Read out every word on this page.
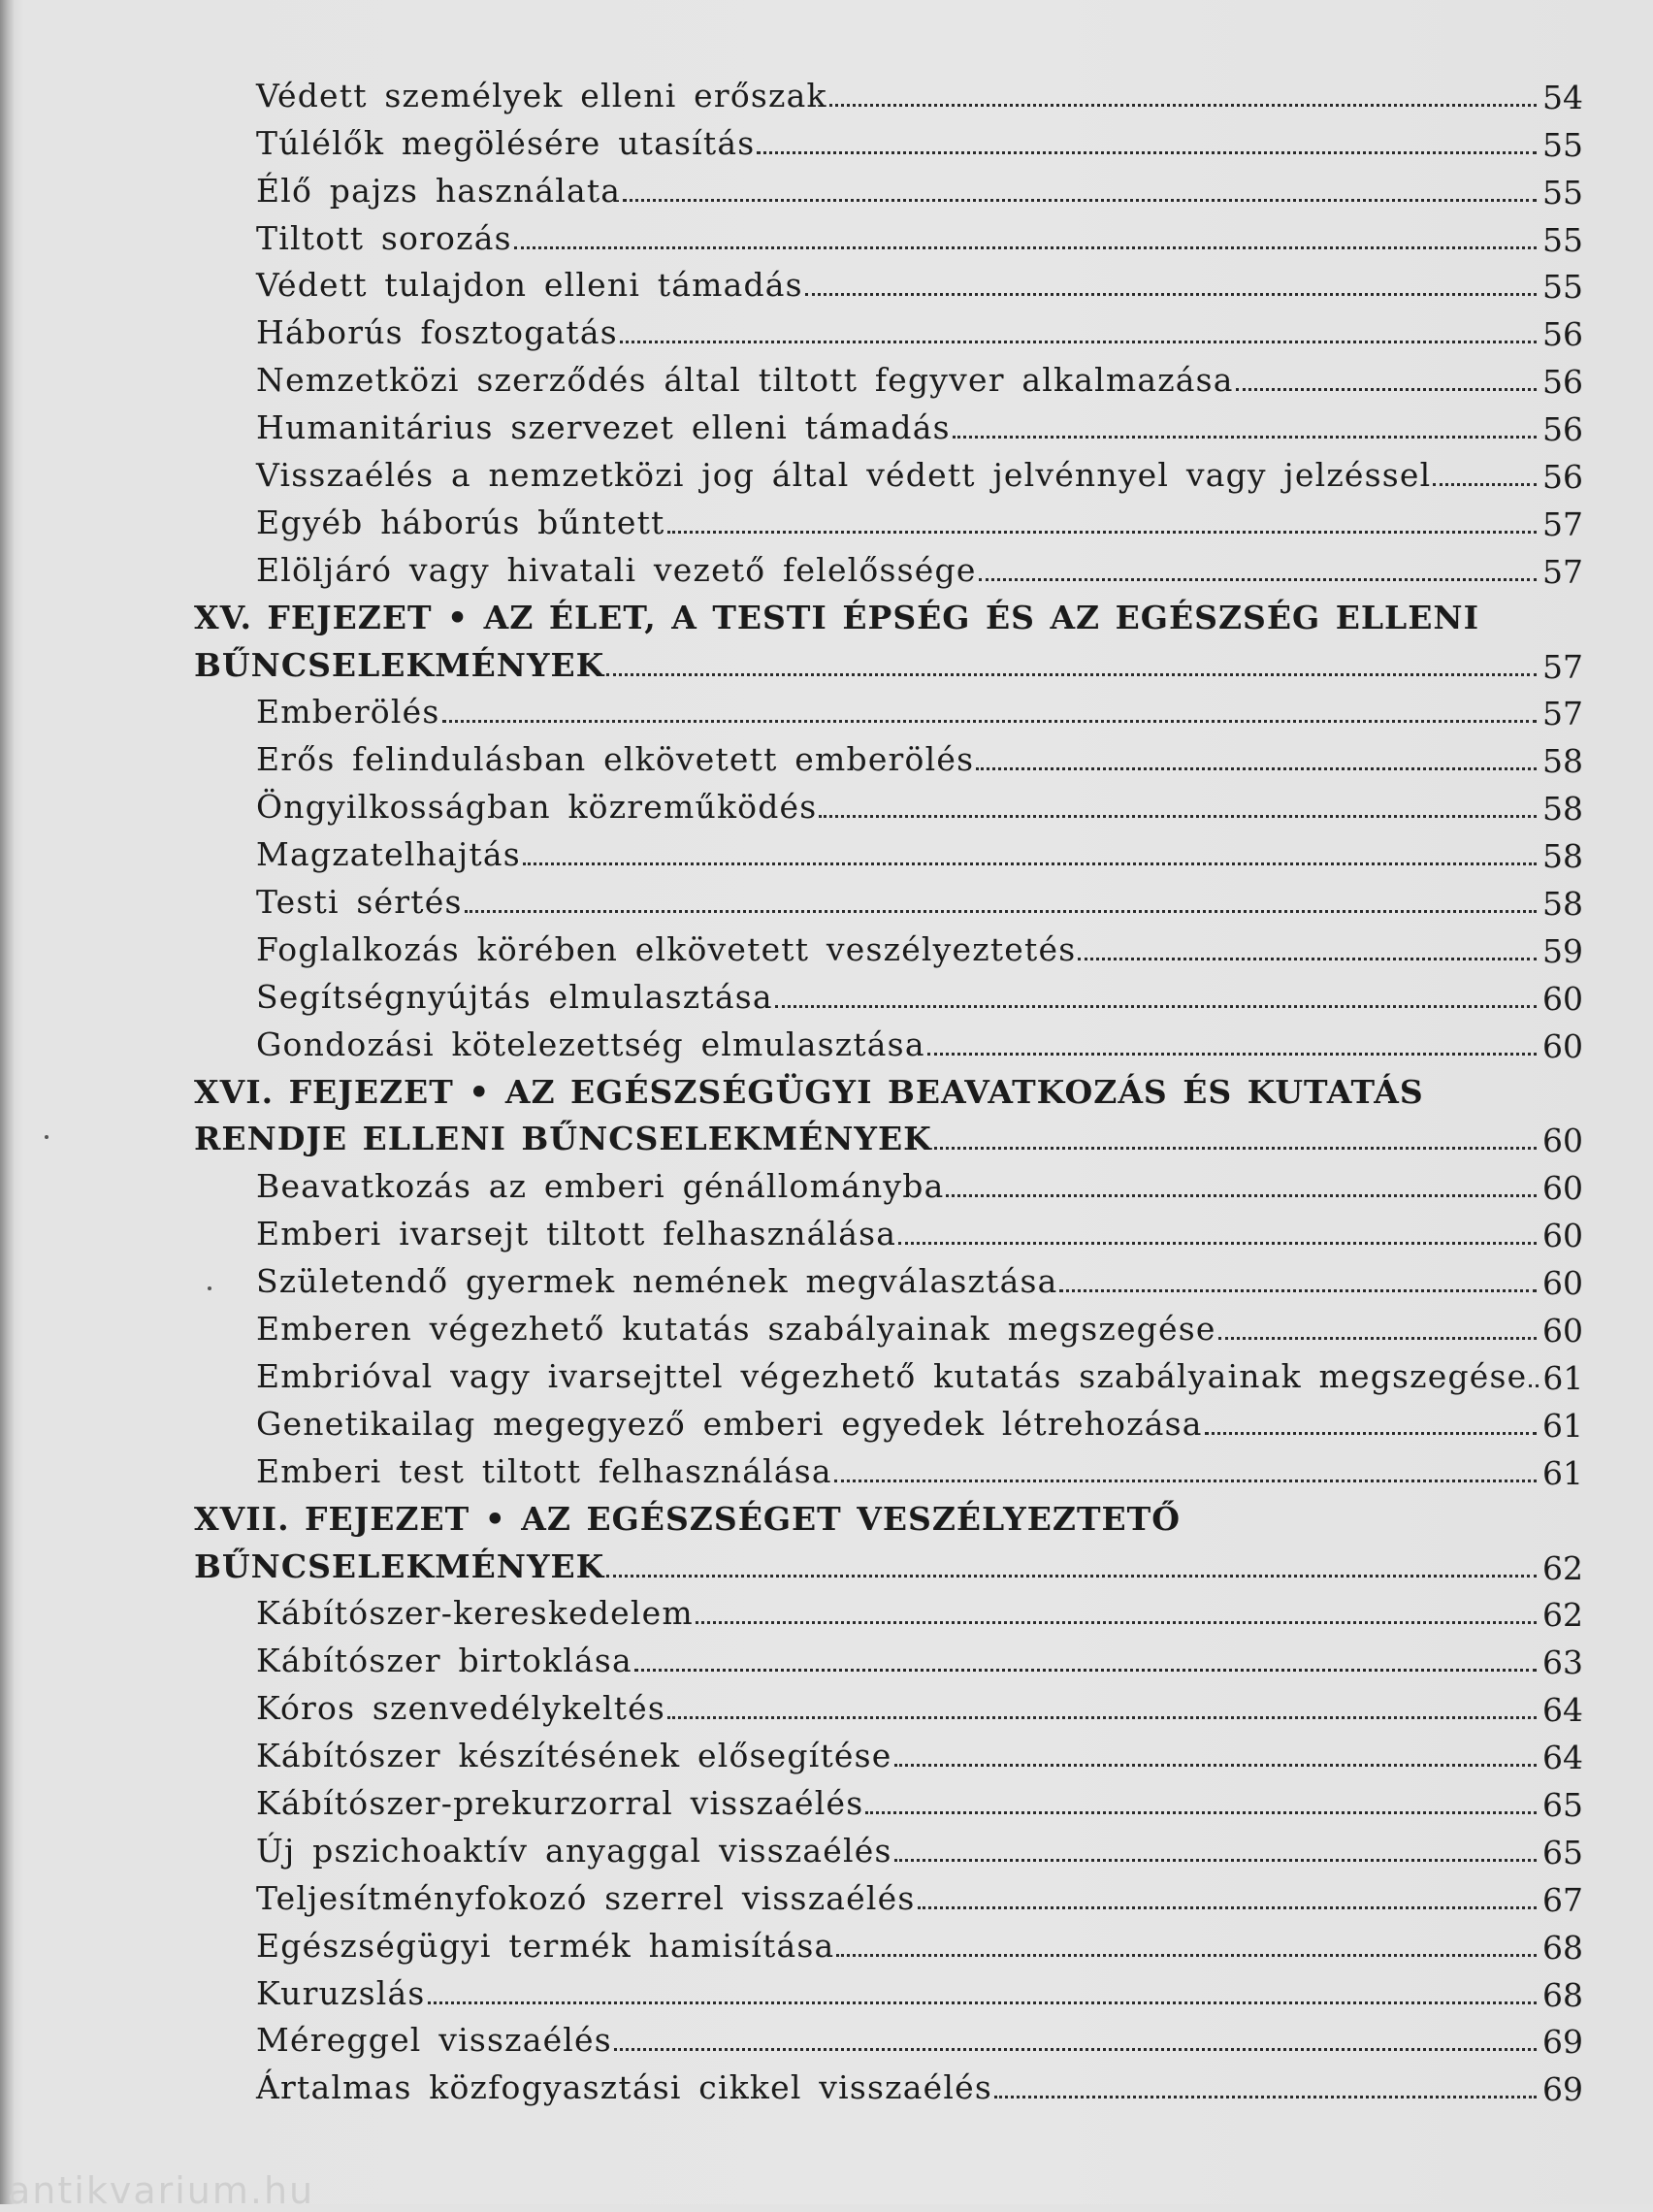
Védett személyek elleni erőszak	54
Túlélők megölésére utasítás	55
Élő pajzs használata	55
Tiltott sorozás	55
Védett tulajdon elleni támadás	55
Háborús fosztogatás	56
Nemzetközi szerződés által tiltott fegyver alkalmazása	56
Humanitárius szervezet elleni támadás	56
Visszaélés a nemzetközi jog által védett jelvénnyel vagy jelzéssel	56
Egyéb háborús bűntett	57
Elöljáró vagy hivatali vezető felelőssége	57
XV. FEJEZET • AZ ÉLET, A TESTI ÉPSÉG ÉS AZ EGÉSZSÉG ELLENI
BŰNCSELEKMÉNYEK	57
Emberölés	57
Erős felindulásban elkövetett emberölés	58
Öngyilkosságban közreműködés	58
Magzatelhajtás	58
Testi sértés	58
Foglalkozás körében elkövetett veszélyeztetés	59
Segítségnyújtás elmulasztása	60
Gondozási kötelezettség elmulasztása	60
XVI. FEJEZET • AZ EGÉSZSÉGÜGYI BEAVATKOZÁS ÉS KUTATÁS
RENDJE ELLENI BŰNCSELEKMÉNYEK	60
Beavatkozás az emberi génállományba	60
Emberi ivarsejt tiltott felhasználása	60
Születendő gyermek nemének megválasztása	60
Emberen végezhető kutatás szabályainak megszegése	60
Embrióval vagy ivarsejttel végezhető kutatás szabályainak megszegése 61
Genetikailag megegyező emberi egyedek létrehozása	61
Emberi test tiltott felhasználása	61
XVII. FEJEZET • AZ EGÉSZSÉGET VESZÉLYEZTETŐ
BŰNCSELEKMÉNYEK	62
Kábítószer-kereskedelem	62
Kábítószer birtoklása	63
Kóros szenvedélykeltés	64
Kábítószer készítésének elősegítése	64
Kábítószer-prekurzorral visszaélés	65
Új pszichoaktív anyaggal visszaélés	65
Teljesítményfokozó szerrel visszaélés	67
Egészségügyi termék hamisítása	68
Kuruzslás	68
Méreggel visszaélés	69
Ártalmas közfogyasztási cikkel visszaélés	69
antikvarium.hu
